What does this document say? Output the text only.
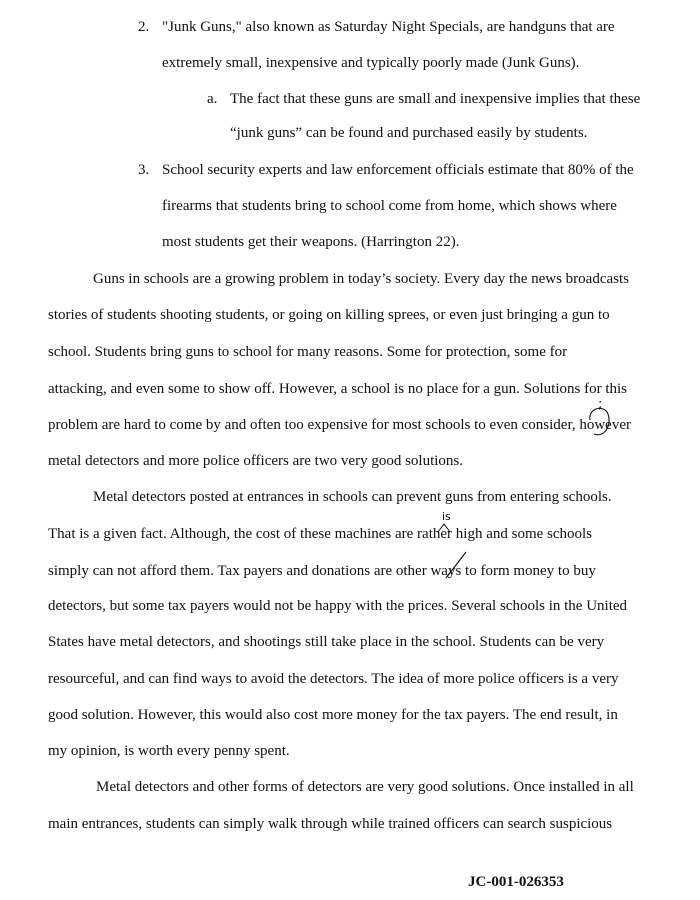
2. "Junk Guns," also known as Saturday Night Specials, are handguns that are
extremely small, inexpensive and typically poorly made (Junk Guns).
a. The fact that these guns are small and inexpensive implies that these
“junk guns” can be found and purchased easily by students.
3. School security experts and law enforcement officials estimate that 80% of the
firearms that students bring to school come from home, which shows where
most students get their weapons. (Harrington 22).
Guns in schools are a growing problem in today’s society. Every day the news broadcasts
stories of students shooting students, or going on killing sprees, or even just bringing a gun to
school. Students bring guns to school for many reasons. Some for protection, some for
attacking, and even some to show off. However, a school is no place for a gun. Solutions for this
problem are hard to come by and often too expensive for most schools to even consider, however
metal detectors and more police officers are two very good solutions.
Metal detectors posted at entrances in schools can prevent guns from entering schools.
That is a given fact. Although, the cost of these machines are rather high and some schools
simply can not afford them. Tax payers and donations are other ways to form money to buy
detectors, but some tax payers would not be happy with the prices. Several schools in the United
States have metal detectors, and shootings still take place in the school. Students can be very
resourceful, and can find ways to avoid the detectors. The idea of more police officers is a very
good solution. However, this would also cost more money for the tax payers. The end result, in
my opinion, is worth every penny spent.
Metal detectors and other forms of detectors are very good solutions. Once installed in all
main entrances, students can simply walk through while trained officers can search suspicious
;
is
JC-001-026353
